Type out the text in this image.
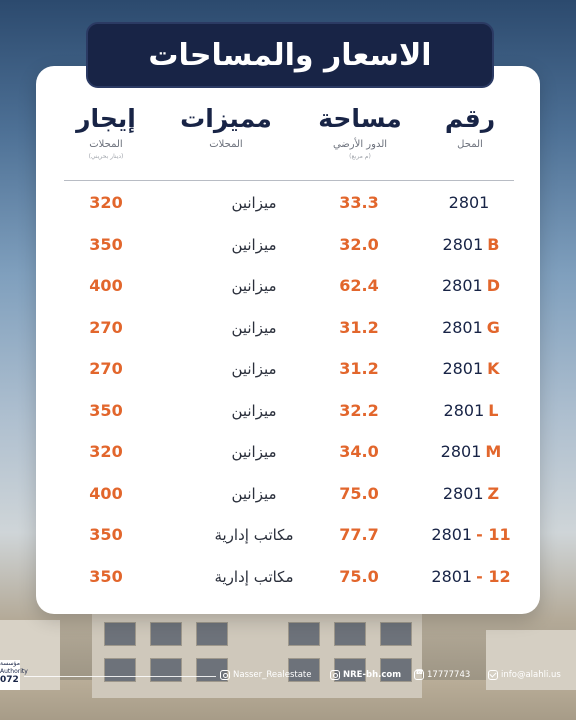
الاسعار والمساحات
رقم
المحل
مساحة
الدور الأرضي
(م مربع)
مميزات
المحلات
إيجار
المحلات
(دينار بحريني)
320	ميزانين	33.3	2801
350	ميزانين	32.0	2801 B
400	ميزانين	62.4	2801 D
270	ميزانين	31.2	2801 G
270	ميزانين	31.2	2801 K
350	ميزانين	32.2	2801 L
320	ميزانين	34.0	2801 M
400	ميزانين	75.0	2801 Z
350	مكاتب إدارية	77.7	2801 - 11
350	مكاتب إدارية	75.0	2801 - 12
مؤسسة
Authority
072	Nasser_Realestate	NRE-bh.com
☎	17777743	info@alahli.us
